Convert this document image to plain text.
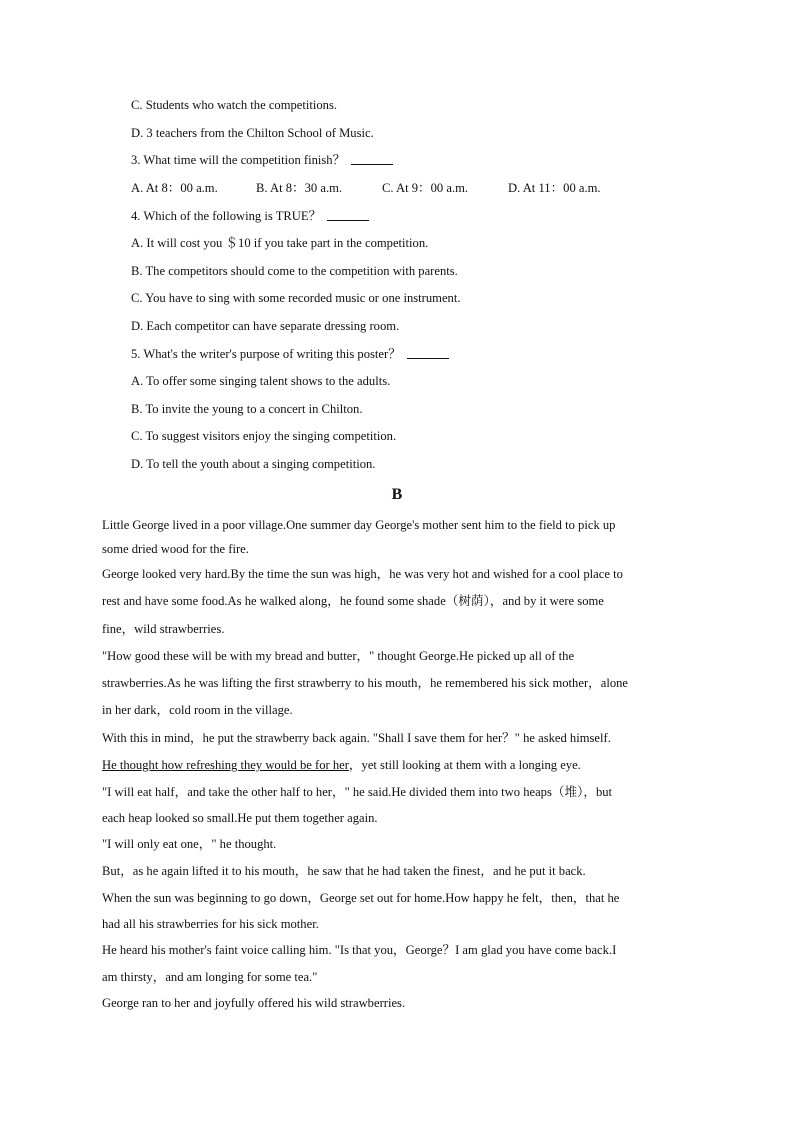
C. Students who watch the competitions.
D. 3 teachers from the Chilton School of Music.
3. What time will the competition finish？
A. At 8：00 a.m.	B. At 8：30 a.m.	C. At 9：00 a.m.	D. At 11：00 a.m.
4. Which of the following is TRUE？
A. It will cost you ＄10 if you take part in the competition.
B. The competitors should come to the competition with parents.
C. You have to sing with some recorded music or one instrument.
D. Each competitor can have separate dressing room.
5. What's the writer's purpose of writing this poster？
A. To offer some singing talent shows to the adults.
B. To invite the young to a concert in Chilton.
C. To suggest visitors enjoy the singing competition.
D. To tell the youth about a singing competition.
B
Little George lived in a poor village.One summer day George's mother sent him to the field to pick up
some dried wood for the fire.
George looked very hard.By the time the sun was high，he was very hot and wished for a cool place to
rest and have some food.As he walked along，he found some shade（树荫），and by it were some
fine，wild strawberries.
"How good these will be with my bread and butter，" thought George.He picked up all of the
strawberries.As he was lifting the first strawberry to his mouth，he remembered his sick mother，alone
in her dark，cold room in the village.
With this in mind，he put the strawberry back again. "Shall I save them for her？" he asked himself.
He thought how refreshing they would be for her，yet still looking at them with a longing eye.
"I will eat half，and take the other half to her，" he said.He divided them into two heaps（堆），but
each heap looked so small.He put them together again.
"I will only eat one，" he thought.
But，as he again lifted it to his mouth，he saw that he had taken the finest，and he put it back.
When the sun was beginning to go down，George set out for home.How happy he felt，then，that he
had all his strawberries for his sick mother.
He heard his mother's faint voice calling him. "Is that you，George？I am glad you have come back.I
am thirsty，and am longing for some tea."
George ran to her and joyfully offered his wild strawberries.
